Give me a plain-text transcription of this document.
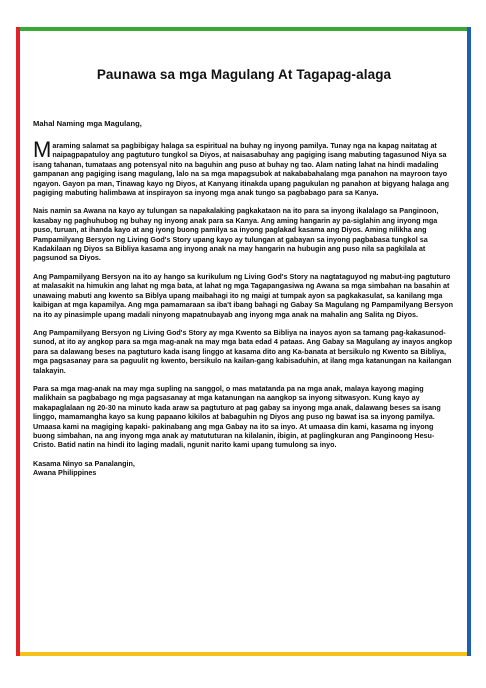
Paunawa sa mga Magulang At Tagapag-alaga
Mahal Naming mga Magulang,

Maraming salamat sa pagbibigay halaga sa espiritual na buhay ng inyong pamilya. Tunay nga na kapag naitatag at naipagpapatuloy ang pagtuturo tungkol sa Diyos, at naisasabuhay ang pagiging isang mabuting tagasunod Niya sa isang tahanan, tumataas ang potensyal nito na baguhin ang puso at buhay ng tao. Alam nating lahat na hindi madaling gampanan ang pagiging isang magulang, lalo na sa mga mapagsubok at nakababahalang mga panahon na mayroon tayo ngayon. Gayon pa man, Tinawag kayo ng Diyos, at Kanyang itinakda upang pagukulan ng panahon at bigyang halaga ang pagiging mabuting halimbawa at inspirayon sa inyong mga anak tungo sa pagbabago para sa Kanya.

Nais namin sa Awana na kayo ay tulungan sa napakalaking pagkakataon na ito para sa inyong ikalalago sa Panginoon, kasabay ng paghuhubog ng buhay ng inyong anak para sa Kanya. Ang aming hangarin ay pa-siglahin ang inyong mga puso, turuan, at ihanda kayo at ang iyong buong pamilya sa inyong paglakad kasama ang Diyos. Aming nilikha ang Pampamilyang Bersyon ng Living God's Story upang kayo ay tulungan at gabayan sa inyong pagbabasa tungkol sa Kadakilaan ng Diyos sa Bibliya kasama ang inyong anak na may hangarin na hubugin ang puso nila sa pagkilala at pagsunod sa Diyos.

Ang Pampamilyang Bersyon na ito ay hango sa kurikulum ng Living God's Story na nagtataguyod ng mabut-ing pagtuturo at malasakit na himukin ang lahat ng mga bata, at lahat ng mga Tagapangasiwa ng Awana sa mga simbahan na basahin at unawaing mabuti ang kwento sa Biblya upang maibahagi ito ng maigi at tumpak ayon sa pagkakasulat, sa kanilang mga kaibigan at mga kapamilya. Ang mga pamamaraan sa iba't ibang bahagi ng Gabay Sa Magulang ng Pampamilyang Bersyon na ito ay pinasimple upang madali ninyong mapatnubayab ang inyong mga anak na mahalin ang Salita ng Diyos.

Ang Pampamilyang Bersyon ng Living God's Story ay mga Kwento sa Bibliya na inayos ayon sa tamang pag-kakasunod-sunod, at ito ay angkop para sa mga mag-anak na may mga bata edad 4 pataas. Ang Gabay sa Magulang ay inayos angkop para sa dalawang beses na pagtuturo kada isang linggo at kasama dito ang Ka-banata at bersikulo ng Kwento sa Bibliya, mga pagsasanay para sa paguulit ng kwento, bersikulo na kailan-gang kabisaduhin, at ilang mga katanungan na kailangan talakayin.

Para sa mga mag-anak na may mga supling na sanggol, o mas matatanda pa na mga anak, malaya kayong maging malikhain sa pagbabago ng mga pagsasanay at mga katanungan na aangkop sa inyong sitwasyon. Kung kayo ay makapaglalaan ng 20-30 na minuto kada araw sa pagtuturo at pag gabay sa inyong mga anak, dalawang beses sa isang linggo, mamamangha kayo sa kung papaano kikilos at babaguhin ng Diyos ang puso ng bawat isa sa inyong pamilya. Umaasa kami na magiging kapaki- pakinabang ang mga Gabay na ito sa inyo. At umaasa din kami, kasama ng inyong buong simbahan, na ang inyong mga anak ay matututuran na kilalanin, ibigin, at paglingkuran ang Panginoong Hesu-Cristo. Batid natin na hindi ito laging madali, ngunit narito kami upang tumulong sa inyo.

Kasama Ninyo sa Panalangin,
Awana Philippines
